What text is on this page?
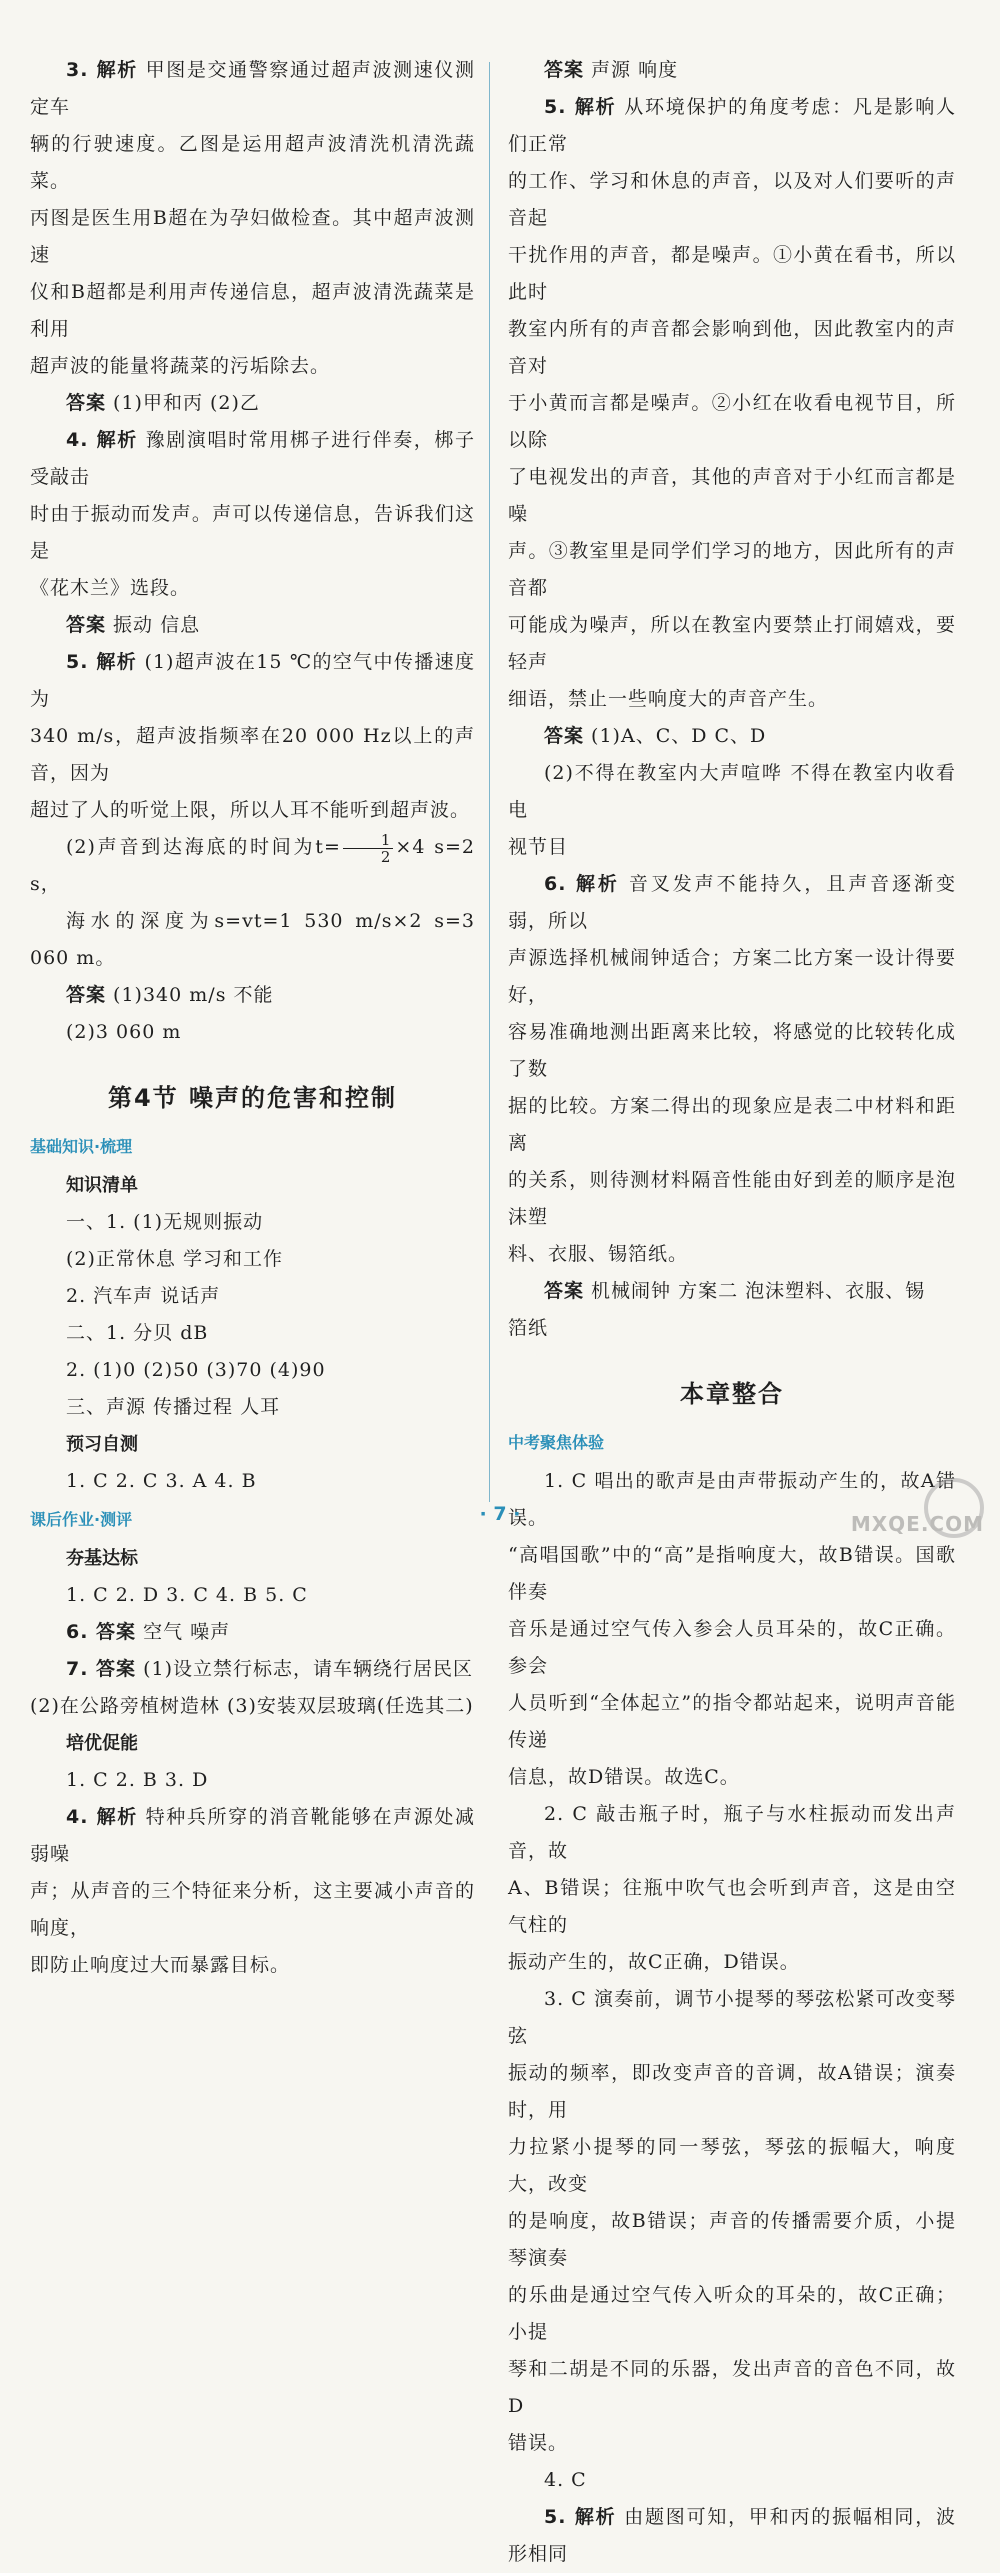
3. 解析 甲图是交通警察通过超声波测速仪测定车

辆的行驶速度。乙图是运用超声波清洗机清洗蔬菜。

丙图是医生用B超在为孕妇做检查。其中超声波测速

仪和B超都是利用声传递信息，超声波清洗蔬菜是利用

超声波的能量将蔬菜的污垢除去。

答案 (1)甲和丙 (2)乙

4. 解析 豫剧演唱时常用梆子进行伴奏，梆子受敲击

时由于振动而发声。声可以传递信息，告诉我们这是

《花木兰》选段。

答案 振动 信息

5. 解析 (1)超声波在15 ℃的空气中传播速度为

340 m/s，超声波指频率在20 000 Hz以上的声音，因为

超过了人的听觉上限，所以人耳不能听到超声波。

(2)声音到达海底的时间为$t= \frac{1}{2} \times 4$ s=2 s，

海水的深度为s=vt=1 530 m/s×2 s=3 060 m。

答案 (1)340 m/s 不能

(2)3 060 m

第4节 噪声的危害和控制
基础知识·梳理
知识清单

一、1. (1)无规则振动

(2)正常休息 学习和工作

2. 汽车声 说话声

二、1. 分贝 dB

2. (1)0 (2)50 (3)70 (4)90

三、声源 传播过程 人耳

预习自测

1. C 2. C 3. A 4. B

课后作业·测评
夯基达标

1. C 2. D 3. C 4. B 5. C

6. 答案 空气 噪声

7. 答案 (1)设立禁行标志，请车辆绕行居民区

(2)在公路旁植树造林 (3)安装双层玻璃(任选其二)

培优促能

1. C 2. B 3. D

4. 解析 特种兵所穿的消音靴能够在声源处减弱噪

声；从声音的三个特征来分析，这主要减小声音的响度，

即防止响度过大而暴露目标。

答案 声源 响度

5. 解析 从环境保护的角度考虑：凡是影响人们正常

的工作、学习和休息的声音，以及对人们要听的声音起

干扰作用的声音，都是噪声。①小黄在看书，所以此时

教室内所有的声音都会影响到他，因此教室内的声音对

于小黄而言都是噪声。②小红在收看电视节目，所以除

了电视发出的声音，其他的声音对于小红而言都是噪

声。③教室里是同学们学习的地方，因此所有的声音都

可能成为噪声，所以在教室内要禁止打闹嬉戏，要轻声

细语，禁止一些响度大的声音产生。

答案 (1)A、C、D C、D

(2)不得在教室内大声喧哗 不得在教室内收看电

视节目

6. 解析 音叉发声不能持久，且声音逐渐变弱，所以

声源选择机械闹钟适合；方案二比方案一设计得要好，

容易准确地测出距离来比较，将感觉的比较转化成了数

据的比较。方案二得出的现象应是表二中材料和距离

的关系，则待测材料隔音性能由好到差的顺序是泡沫塑

料、衣服、锡箔纸。

答案 机械闹钟 方案二 泡沫塑料、衣服、锡

箔纸

本章整合
中考聚焦体验

1. C 唱出的歌声是由声带振动产生的，故A错误。

“高唱国歌”中的“高”是指响度大，故B错误。国歌伴奏

音乐是通过空气传入参会人员耳朵的，故C正确。参会

人员听到“全体起立”的指令都站起来，说明声音能传递

信息，故D错误。故选C。

2. C 敲击瓶子时，瓶子与水柱振动而发出声音，故

A、B错误；往瓶中吹气也会听到声音，这是由空气柱的

振动产生的，故C正确，D错误。

3. C 演奏前，调节小提琴的琴弦松紧可改变琴弦

振动的频率，即改变声音的音调，故A错误；演奏时，用

力拉紧小提琴的同一琴弦，琴弦的振幅大，响度大，改变

的是响度，故B错误；声音的传播需要介质，小提琴演奏

的乐曲是通过空气传入听众的耳朵的，故C正确；小提

琴和二胡是不同的乐器，发出声音的音色不同，故D

错误。

4. C

5. 解析 由题图可知，甲和丙的振幅相同，波形相同

· 7 ·	MXQE.COM
